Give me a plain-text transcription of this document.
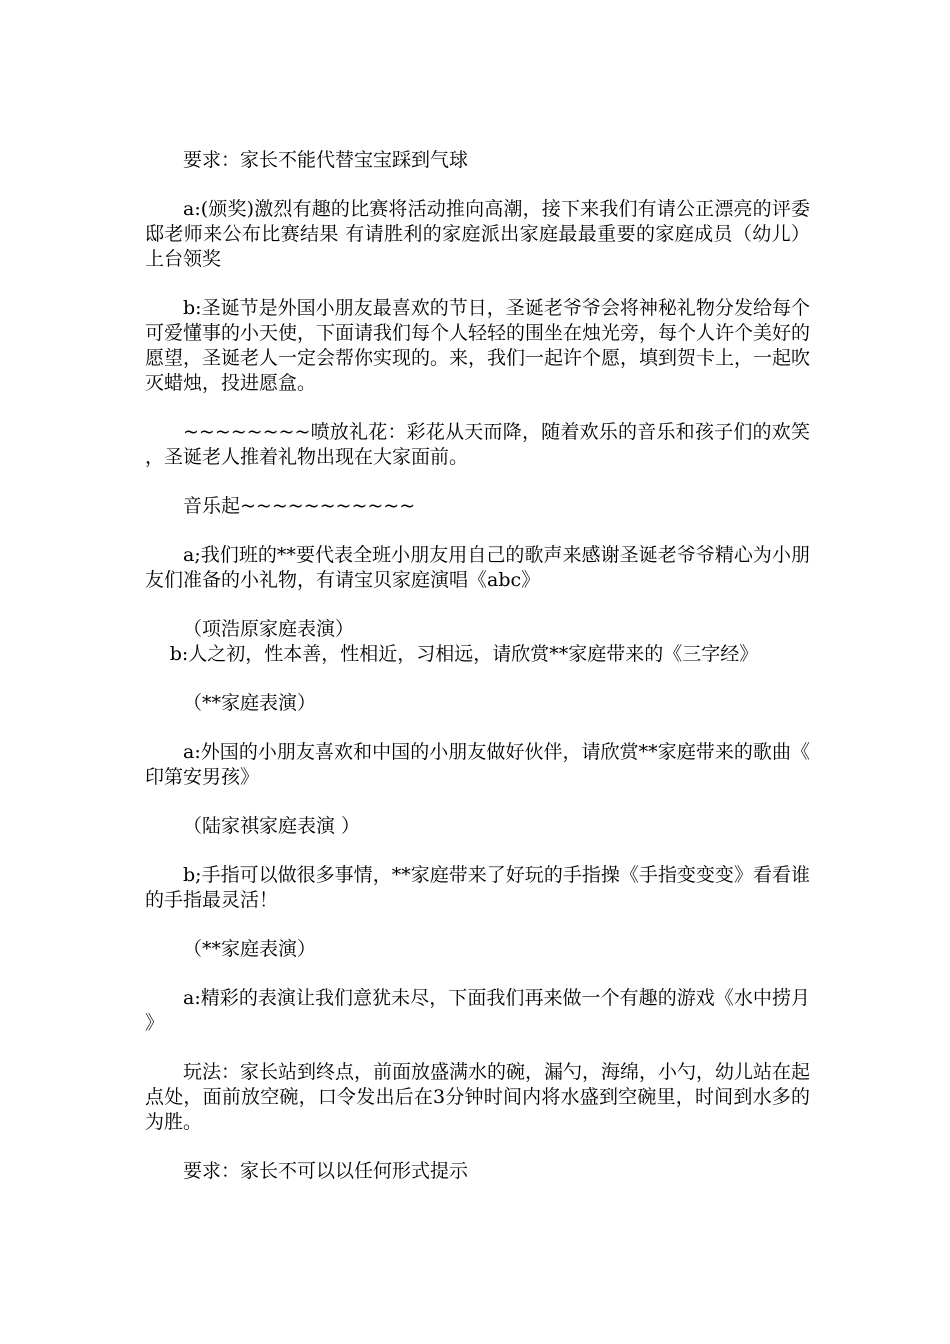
要求：家长不能代替宝宝踩到气球

a:(颁奖)激烈有趣的比赛将活动推向高潮，接下来我们有请公正漂亮的评委邸老师来公布比赛结果 有请胜利的家庭派出家庭最最重要的家庭成员（幼儿）上台领奖

b:圣诞节是外国小朋友最喜欢的节日，圣诞老爷爷会将神秘礼物分发给每个可爱懂事的小天使，下面请我们每个人轻轻的围坐在烛光旁，每个人许个美好的愿望，圣诞老人一定会帮你实现的。来，我们一起许个愿，填到贺卡上，一起吹灭蜡烛，投进愿盒。

~~~~~~~~喷放礼花：彩花从天而降，随着欢乐的音乐和孩子们的欢笑，圣诞老人推着礼物出现在大家面前。

音乐起~~~~~~~~~~~

a;我们班的**要代表全班小朋友用自己的歌声来感谢圣诞老爷爷精心为小朋友们准备的小礼物，有请宝贝家庭演唱《abc》

（项浩原家庭表演）

b:人之初，性本善，性相近，习相远，请欣赏**家庭带来的《三字经》

（**家庭表演）

a:外国的小朋友喜欢和中国的小朋友做好伙伴，请欣赏**家庭带来的歌曲《印第安男孩》

（陆家祺家庭表演 ）

b;手指可以做很多事情，**家庭带来了好玩的手指操《手指变变变》看看谁的手指最灵活！

（**家庭表演）

a:精彩的表演让我们意犹未尽，下面我们再来做一个有趣的游戏《水中捞月》

玩法：家长站到终点，前面放盛满水的碗，漏勺，海绵，小勺，幼儿站在起点处，面前放空碗，口令发出后在3分钟时间内将水盛到空碗里，时间到水多的为胜。

要求：家长不可以以任何形式提示
